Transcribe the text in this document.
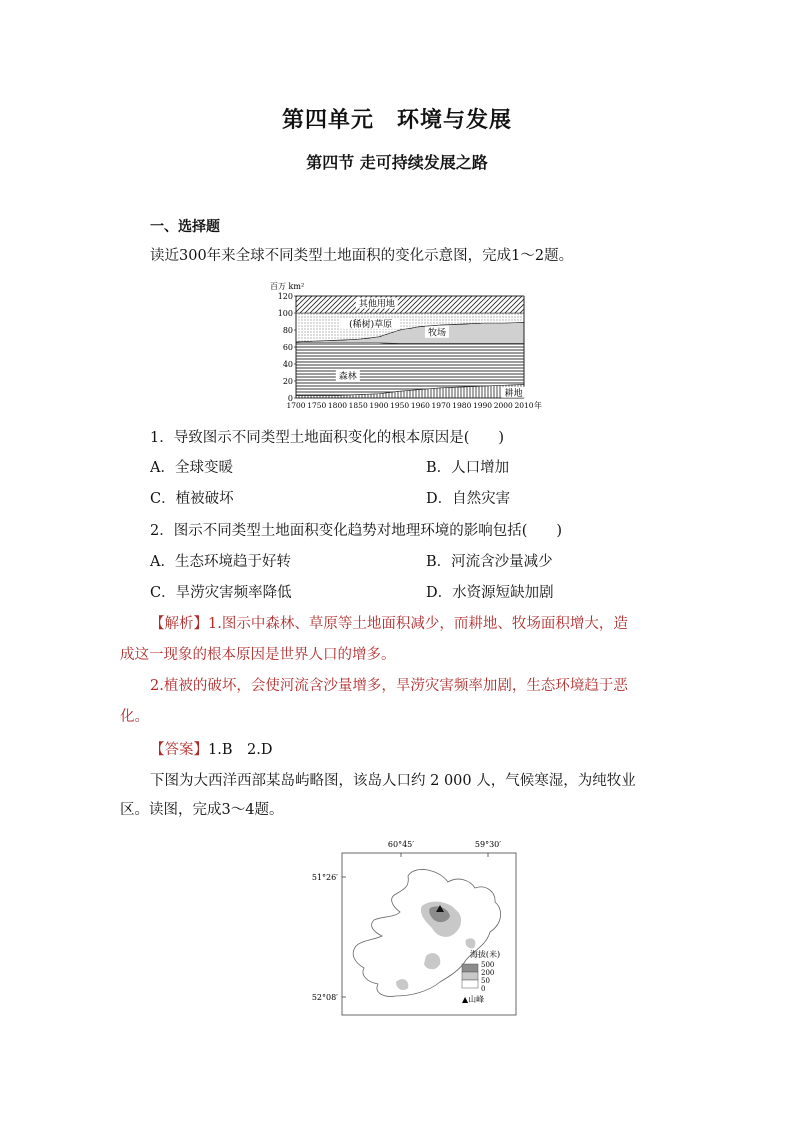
第四单元　环境与发展
第四节 走可持续发展之路
一、选择题
读近300年来全球不同类型土地面积的变化示意图，完成1～2题。
120
100
80
60
40
20
0
百万 km²
1700 1750 1800 1850 1900 1950 1960 1970 1980 1990 2000 2010 年
耕地
森林
牧场
(稀树)草原
其他用地
1．导致图示不同类型土地面积变化的根本原因是(　　)
A．全球变暖	B．人口增加
C．植被破坏	D．自然灾害
2．图示不同类型土地面积变化趋势对地理环境的影响包括(　　)
A．生态环境趋于好转	B．河流含沙量减少
C．旱涝灾害频率降低	D．水资源短缺加剧
【解析】1.图示中森林、草原等土地面积减少，而耕地、牧场面积增大，造
成这一现象的根本原因是世界人口的增多。
2.植被的破坏，会使河流含沙量增多，旱涝灾害频率加剧，生态环境趋于恶
化。
【答案】1.B　2.D
下图为大西洋西部某岛屿略图，该岛人口约 2 000 人，气候寒湿，为纯牧业
区。读图，完成3～4题。
60°45′	59°30′
51°26′
52°08′
海拔(米)
500
200
50
0
▲山峰
